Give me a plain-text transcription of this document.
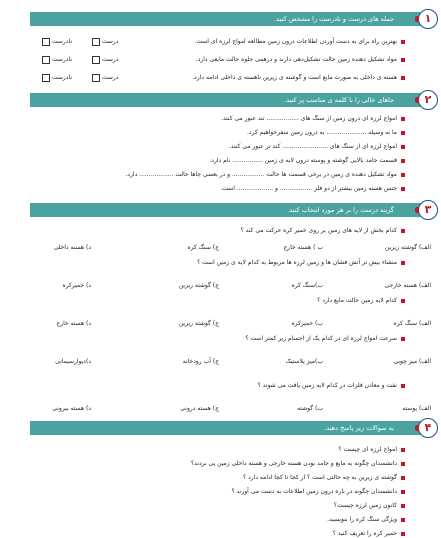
جمله های درست و نادرست را مشخص کنید.	۱
بهترین راه برای به دست آوردن اطلاعات درون زمین مطالعه امواج لرزه ای است.
درست
نادرست
مواد تشکیل دهنده زمین حالت تشکیل‌دهی دارند و درهمی جلوه حالت مایعی دارد.
درست
نادرست
هسته ی داخلی به صورت مایع است و گوشته ی زیرین ناهسته ی داخلی ادامه دارد.
درست
نادرست
جاهای خالی را با کلمه ی مناسب پر کنید.	۲
امواج لرزه ای درون زمین از سنگ های ................. تند عبور می کنند.
ما به وسیله ..................... به درون زمین سفرخواهیم کرد.
امواج لرزه ای از سنگ های ........................ کند تر عبور می کنند.
قسمت جامد بالایی گوشته و پوسته درون لایه ی زمین ................ نام دارد.
مواد تشکیل دهنده ی زمین در برخی قسمت ها حالت ................. و در بعضی جاها حالت .................. دارد.
جنس هسته زمین بیشتر از دو فلز ................. و ................... است.
گزینه درست را بر هر مورد انتخاب کنید.	۳
کدام بخش از لایه های زمین بر روی خمیر کره حرکت می کند ؟
الف) گوشته زیرین
ب ) هسته خارج
ج) سنگ کره
د) هسته داخلی
منشاء بیش تر آتش فشان ها و زمین لرزه ها مربوط به کدام لایه ی زمین است ؟
الف) هسته خارجی
ب)سنگ کره
ج) گوشته زیرین
د) خمیرکره
کدام لایه زمین حالت مایع دارد ؟
الف) سنگ کره
ب) خمیرکره
ج) گوشته زیرین
د) هسته خارج
سرعت امواج لرزه ای در کدام یک از اجسام زیر کمتر است ؟
الف) میز چوبی
ب)میز پلاستیک
ج) آب رودخانه
د)دیوارسیمانی
نفت و معادن فلزات در کدام لایه زمین یافت می شوند ؟
الف) پوسته
ب) گوشته
ج) هسته درونی
د) هسته بیرونی
به سوالات زیر پاسخ دهید.	۴
امواج لرزه ای چیست ؟
دانشمندان چگونه به مایع و جامد بودن هسته خارجی و هسته داخلی زمین پی بردند؟
گوشته ی زیرین به چه حالتی است ؟ از کجا تا کجا ادامه دارد ؟
دانشمندان چگونه در باره درون زمین اطلاعات به دست می آورند ؟
کانون زمین لرزه چیست؟
ویژگی سنگ کره را بنویسید.
خمیر کره را تعریف کنید ؟
